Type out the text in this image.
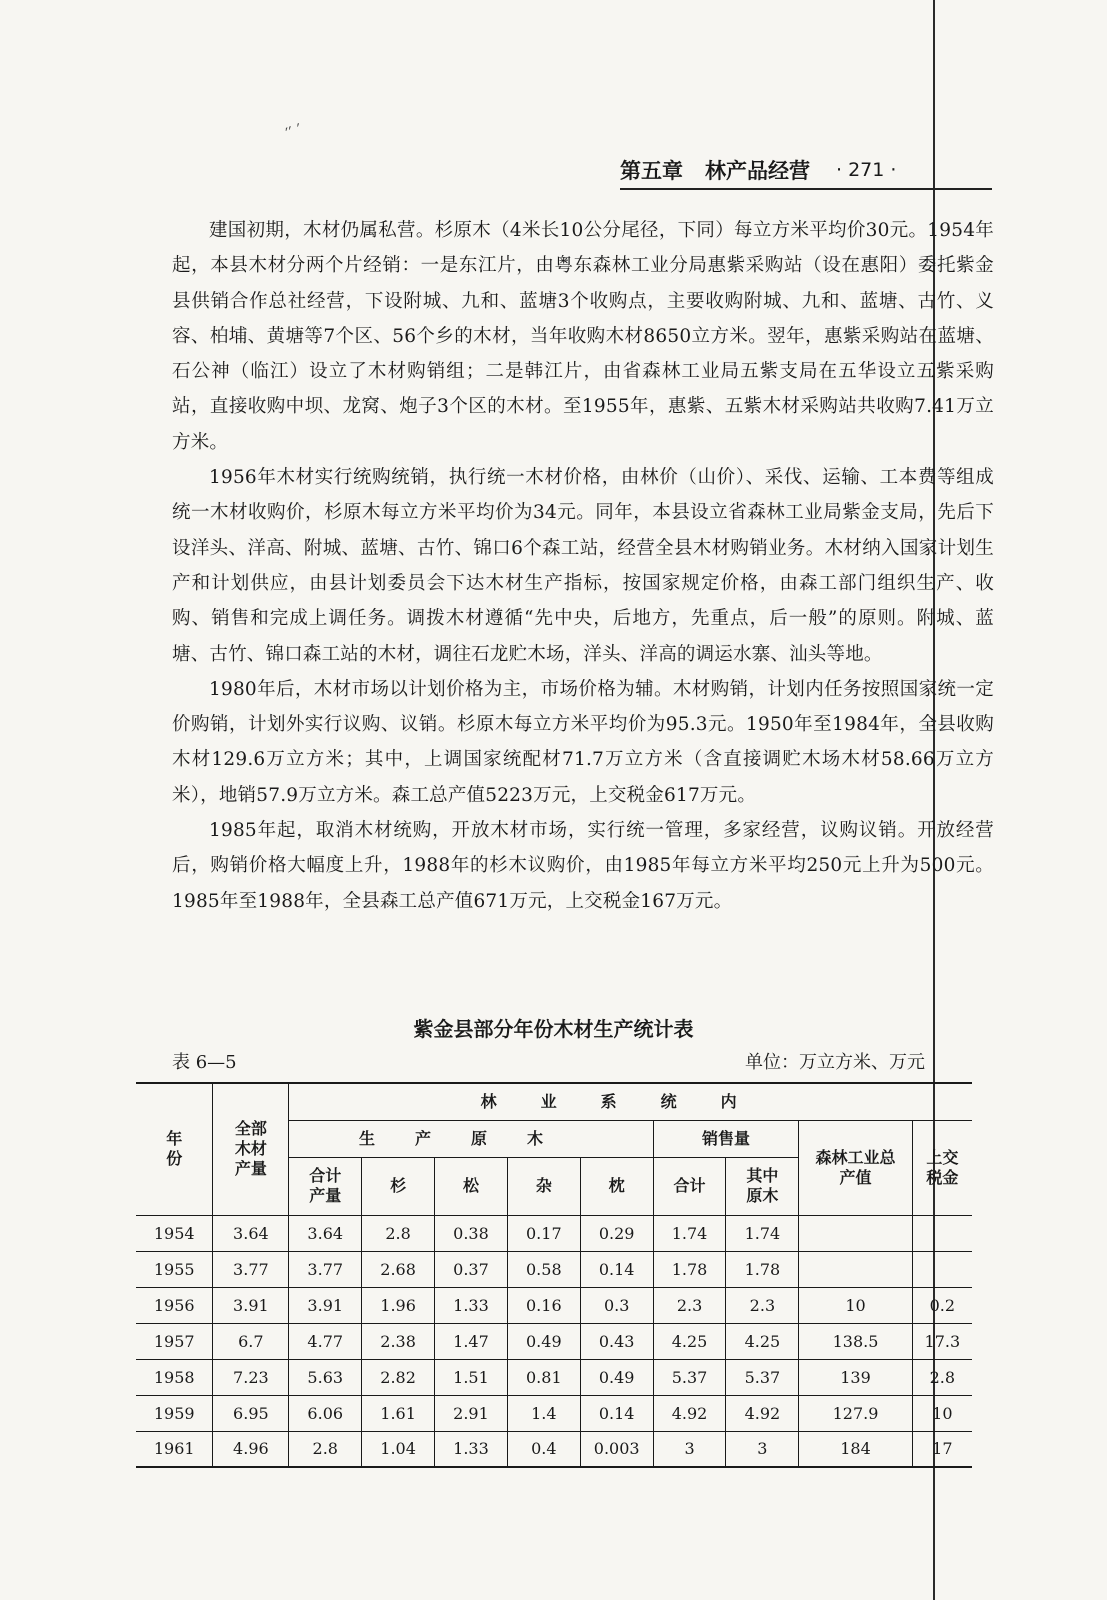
′′ ′
第五章 林产品经营 · 271 ·

建国初期，木材仍属私营。杉原木（4米长10公分尾径，下同）每立方米平均价30元。1954年起，本县木材分两个片经销：一是东江片，由粤东森林工业分局惠紫采购站（设在惠阳）委托紫金县供销合作总社经营，下设附城、九和、蓝塘3个收购点，主要收购附城、九和、蓝塘、古竹、义容、柏埔、黄塘等7个区、56个乡的木材，当年收购木材8650立方米。翌年，惠紫采购站在蓝塘、石公神（临江）设立了木材购销组；二是韩江片，由省森林工业局五紫支局在五华设立五紫采购站，直接收购中坝、龙窝、炮子3个区的木材。至1955年，惠紫、五紫木材采购站共收购7.41万立方米。

1956年木材实行统购统销，执行统一木材价格，由林价（山价）、采伐、运输、工本费等组成统一木材收购价，杉原木每立方米平均价为34元。同年，本县设立省森林工业局紫金支局，先后下设洋头、洋高、附城、蓝塘、古竹、锦口6个森工站，经营全县木材购销业务。木材纳入国家计划生产和计划供应，由县计划委员会下达木材生产指标，按国家规定价格，由森工部门组织生产、收购、销售和完成上调任务。调拨木材遵循“先中央，后地方，先重点，后一般”的原则。附城、蓝塘、古竹、锦口森工站的木材，调往石龙贮木场，洋头、洋高的调运水寨、汕头等地。

1980年后，木材市场以计划价格为主，市场价格为辅。木材购销，计划内任务按照国家统一定价购销，计划外实行议购、议销。杉原木每立方米平均价为95.3元。1950年至1984年，全县收购木材129.6万立方米；其中，上调国家统配材71.7万立方米（含直接调贮木场木材58.66万立方米），地销57.9万立方米。森工总产值5223万元，上交税金617万元。

1985年起，取消木材统购，开放木材市场，实行统一管理，多家经营，议购议销。开放经营后，购销价格大幅度上升，1988年的杉木议购价，由1985年每立方米平均250元上升为500元。1985年至1988年，全县森工总产值671万元，上交税金167万元。

紫金县部分年份木材生产统计表
表 6—5	单位：万立方米、万元
年份	全部木材产量	林业系统内								
		生产原木					销售量		森林工业总产值	上交税金
		合计产量	杉	松	杂	枕	合计	其中原木		
1954	3.64	3.64	2.8	0.38	0.17	0.29	1.74	1.74		
1955	3.77	3.77	2.68	0.37	0.58	0.14	1.78	1.78		
1956	3.91	3.91	1.96	1.33	0.16	0.3	2.3	2.3	10	0.2
1957	6.7	4.77	2.38	1.47	0.49	0.43	4.25	4.25	138.5	17.3
1958	7.23	5.63	2.82	1.51	0.81	0.49	5.37	5.37	139	2.8
1959	6.95	6.06	1.61	2.91	1.4	0.14	4.92	4.92	127.9	10
1961	4.96	2.8	1.04	1.33	0.4	0.003	3	3	184	17
